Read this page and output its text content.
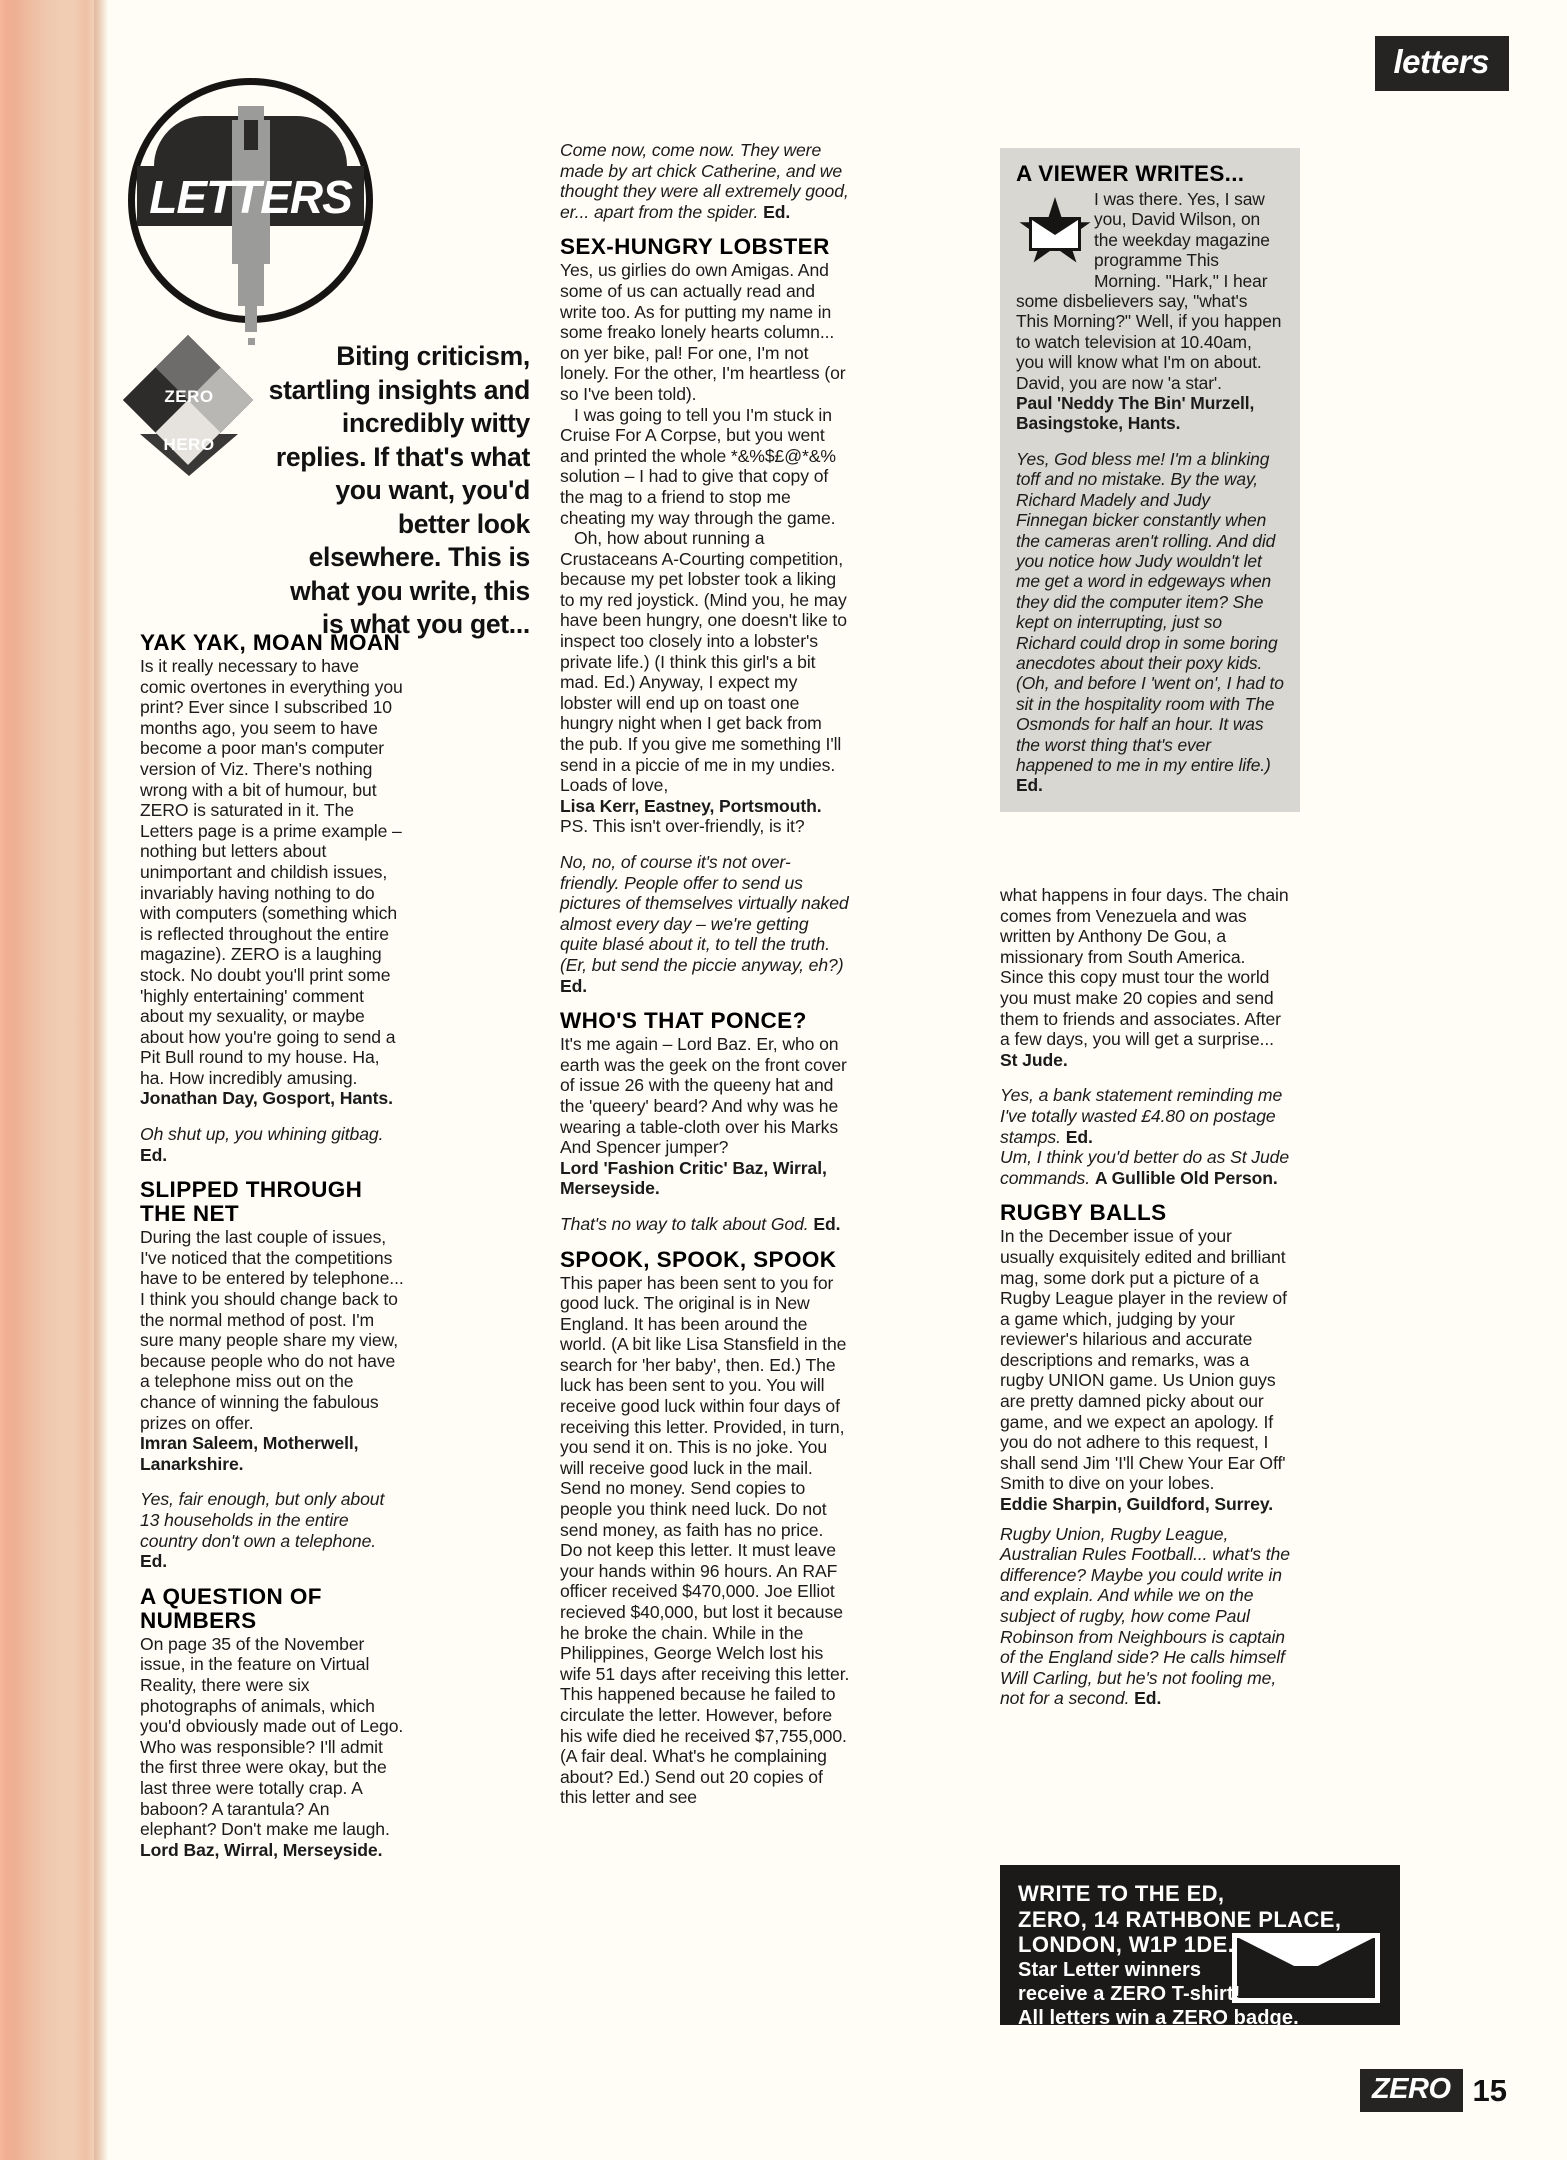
letters
LETTERS
ZERO
HERO
Biting criticism, startling insights and incredibly witty replies. If that's what you want, you'd better look elsewhere. This is what you write, this is what you get...
YAK YAK, MOAN MOAN
Is it really necessary to have comic overtones in everything you print? Ever since I subscribed 10 months ago, you seem to have become a poor man's computer version of Viz. There's nothing wrong with a bit of humour, but ZERO is saturated in it. The Letters page is a prime example – nothing but letters about unimportant and childish issues, invariably having nothing to do with computers (something which is reflected throughout the entire magazine). ZERO is a laughing stock. No doubt you'll print some 'highly entertaining' comment about my sexuality, or maybe about how you're going to send a Pit Bull round to my house. Ha, ha. How incredibly amusing.
Jonathan Day, Gosport, Hants.
Oh shut up, you whining gitbag. Ed.
SLIPPED THROUGH THE NET
During the last couple of issues, I've noticed that the competitions have to be entered by telephone... I think you should change back to the normal method of post. I'm sure many people share my view, because people who do not have a telephone miss out on the chance of winning the fabulous prizes on offer.
Imran Saleem, Motherwell, Lanarkshire.
Yes, fair enough, but only about 13 households in the entire country don't own a telephone. Ed.
A QUESTION OF NUMBERS
On page 35 of the November issue, in the feature on Virtual Reality, there were six photographs of animals, which you'd obviously made out of Lego. Who was responsible? I'll admit the first three were okay, but the last three were totally crap. A baboon? A tarantula? An elephant? Don't make me laugh.
Lord Baz, Wirral, Merseyside.
Come now, come now. They were made by art chick Catherine, and we thought they were all extremely good, er... apart from the spider. Ed.
SEX-HUNGRY LOBSTER

Yes, us girlies do own Amigas. And some of us can actually read and write too. As for putting my name in some freako lonely hearts column... on yer bike, pal! For one, I'm not lonely. For the other, I'm heartless (or so I've been told).

I was going to tell you I'm stuck in Cruise For A Corpse, but you went and printed the whole *&%$£@*&% solution – I had to give that copy of the mag to a friend to stop me cheating my way through the game.

Oh, how about running a Crustaceans A-Courting competition, because my pet lobster took a liking to my red joystick. (Mind you, he may have been hungry, one doesn't like to inspect too closely into a lobster's private life.) (I think this girl's a bit mad. Ed.) Anyway, I expect my lobster will end up on toast one hungry night when I get back from the pub. If you give me something I'll send in a piccie of me in my undies.

Loads of love,

Lisa Kerr, Eastney, Portsmouth.
PS. This isn't over-friendly, is it?
No, no, of course it's not over-friendly. People offer to send us pictures of themselves virtually naked almost every day – we're getting quite blasé about it, to tell the truth. (Er, but send the piccie anyway, eh?) Ed.
WHO'S THAT PONCE?
It's me again – Lord Baz. Er, who on earth was the geek on the front cover of issue 26 with the queeny hat and the 'queery' beard? And why was he wearing a table-cloth over his Marks And Spencer jumper?
Lord 'Fashion Critic' Baz, Wirral, Merseyside.
That's no way to talk about God. Ed.
SPOOK, SPOOK, SPOOK
This paper has been sent to you for good luck. The original is in New England. It has been around the world. (A bit like Lisa Stansfield in the search for 'her baby', then. Ed.) The luck has been sent to you. You will receive good luck within four days of receiving this letter. Provided, in turn, you send it on. This is no joke. You will receive good luck in the mail. Send no money. Send copies to people you think need luck. Do not send money, as faith has no price. Do not keep this letter. It must leave your hands within 96 hours. An RAF officer received $470,000. Joe Elliot recieved $40,000, but lost it because he broke the chain. While in the Philippines, George Welch lost his wife 51 days after receiving this letter. This happened because he failed to circulate the letter. However, before his wife died he received $7,755,000. (A fair deal. What's he complaining about? Ed.) Send out 20 copies of this letter and see
A VIEWER WRITES...
I was there. Yes, I saw you, David Wilson, on the weekday magazine programme This Morning. "Hark," I hear some disbelievers say, "what's This Morning?" Well, if you happen to watch television at 10.40am, you will know what I'm on about. David, you are now 'a star'.
Paul 'Neddy The Bin' Murzell, Basingstoke, Hants.
Yes, God bless me! I'm a blinking toff and no mistake. By the way, Richard Madely and Judy Finnegan bicker constantly when the cameras aren't rolling. And did you notice how Judy wouldn't let me get a word in edgeways when they did the computer item? She kept on interrupting, just so Richard could drop in some boring anecdotes about their poxy kids. (Oh, and before I 'went on', I had to sit in the hospitality room with The Osmonds for half an hour. It was the worst thing that's ever happened to me in my entire life.) Ed.
what happens in four days. The chain comes from Venezuela and was written by Anthony De Gou, a missionary from South America. Since this copy must tour the world you must make 20 copies and send them to friends and associates. After a few days, you will get a surprise...
St Jude.
Yes, a bank statement reminding me I've totally wasted £4.80 on postage stamps. Ed.
Um, I think you'd better do as St Jude commands. A Gullible Old Person.
RUGBY BALLS
In the December issue of your usually exquisitely edited and brilliant mag, some dork put a picture of a Rugby League player in the review of a game which, judging by your reviewer's hilarious and accurate descriptions and remarks, was a rugby UNION game. Us Union guys are pretty damned picky about our game, and we expect an apology. If you do not adhere to this request, I shall send Jim 'I'll Chew Your Ear Off' Smith to dive on your lobes.
Eddie Sharpin, Guildford, Surrey.
Rugby Union, Rugby League, Australian Rules Football... what's the difference? Maybe you could write in and explain. And while we on the subject of rugby, how come Paul Robinson from Neighbours is captain of the England side? He calls himself Will Carling, but he's not fooling me, not for a second. Ed.
WRITE TO THE ED,
ZERO, 14 RATHBONE PLACE,
LONDON, W1P 1DE.
Star Letter winners
receive a ZERO T-shirt!
All letters win a ZERO badge.
ZERO 15
